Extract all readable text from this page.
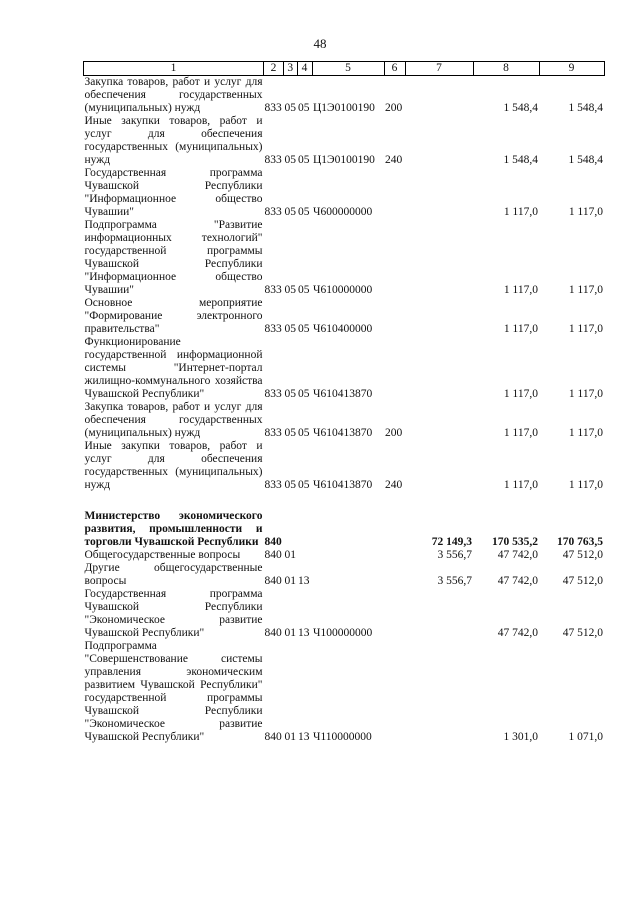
48
1	2	3	4	5	6	7	8	9
Закупка товаров, работ и услуг для обеспечения государственных (муниципальных) нужд	833	05	05	Ц1Э0100190	200		1 548,4	1 548,4
Иные закупки товаров, работ и услуг для обеспечения государственных (муниципальных) нужд	833	05	05	Ц1Э0100190	240		1 548,4	1 548,4
Государственная программа Чувашской Республики "Информационное общество Чувашии"	833	05	05	Ч600000000			1 117,0	1 117,0
Подпрограмма "Развитие информационных технологий" государственной программы Чувашской Республики "Информационное общество Чувашии"	833	05	05	Ч610000000			1 117,0	1 117,0
Основное мероприятие "Формирование электронного правительства"	833	05	05	Ч610400000			1 117,0	1 117,0
Функционирование государственной информационной системы "Интернет-портал жилищно-коммунального хозяйства Чувашской Республики"	833	05	05	Ч610413870			1 117,0	1 117,0
Закупка товаров, работ и услуг для обеспечения государственных (муниципальных) нужд	833	05	05	Ч610413870	200		1 117,0	1 117,0
Иные закупки товаров, работ и услуг для обеспечения государственных (муниципальных) нужд	833	05	05	Ч610413870	240		1 117,0	1 117,0

Министерство экономического развития, промышленности и торговли Чувашской Республики	840					72 149,3	170 535,2	170 763,5
Общегосударственные вопросы	840	01				3 556,7	47 742,0	47 512,0
Другие общегосударственные вопросы	840	01	13			3 556,7	47 742,0	47 512,0
Государственная программа Чувашской Республики "Экономическое развитие Чувашской Республики"	840	01	13	Ч100000000			47 742,0	47 512,0
Подпрограмма "Совершенствование системы управления экономическим развитием Чувашской Республики" государственной программы Чувашской Республики "Экономическое развитие Чувашской Республики"	840	01	13	Ч110000000			1 301,0	1 071,0
